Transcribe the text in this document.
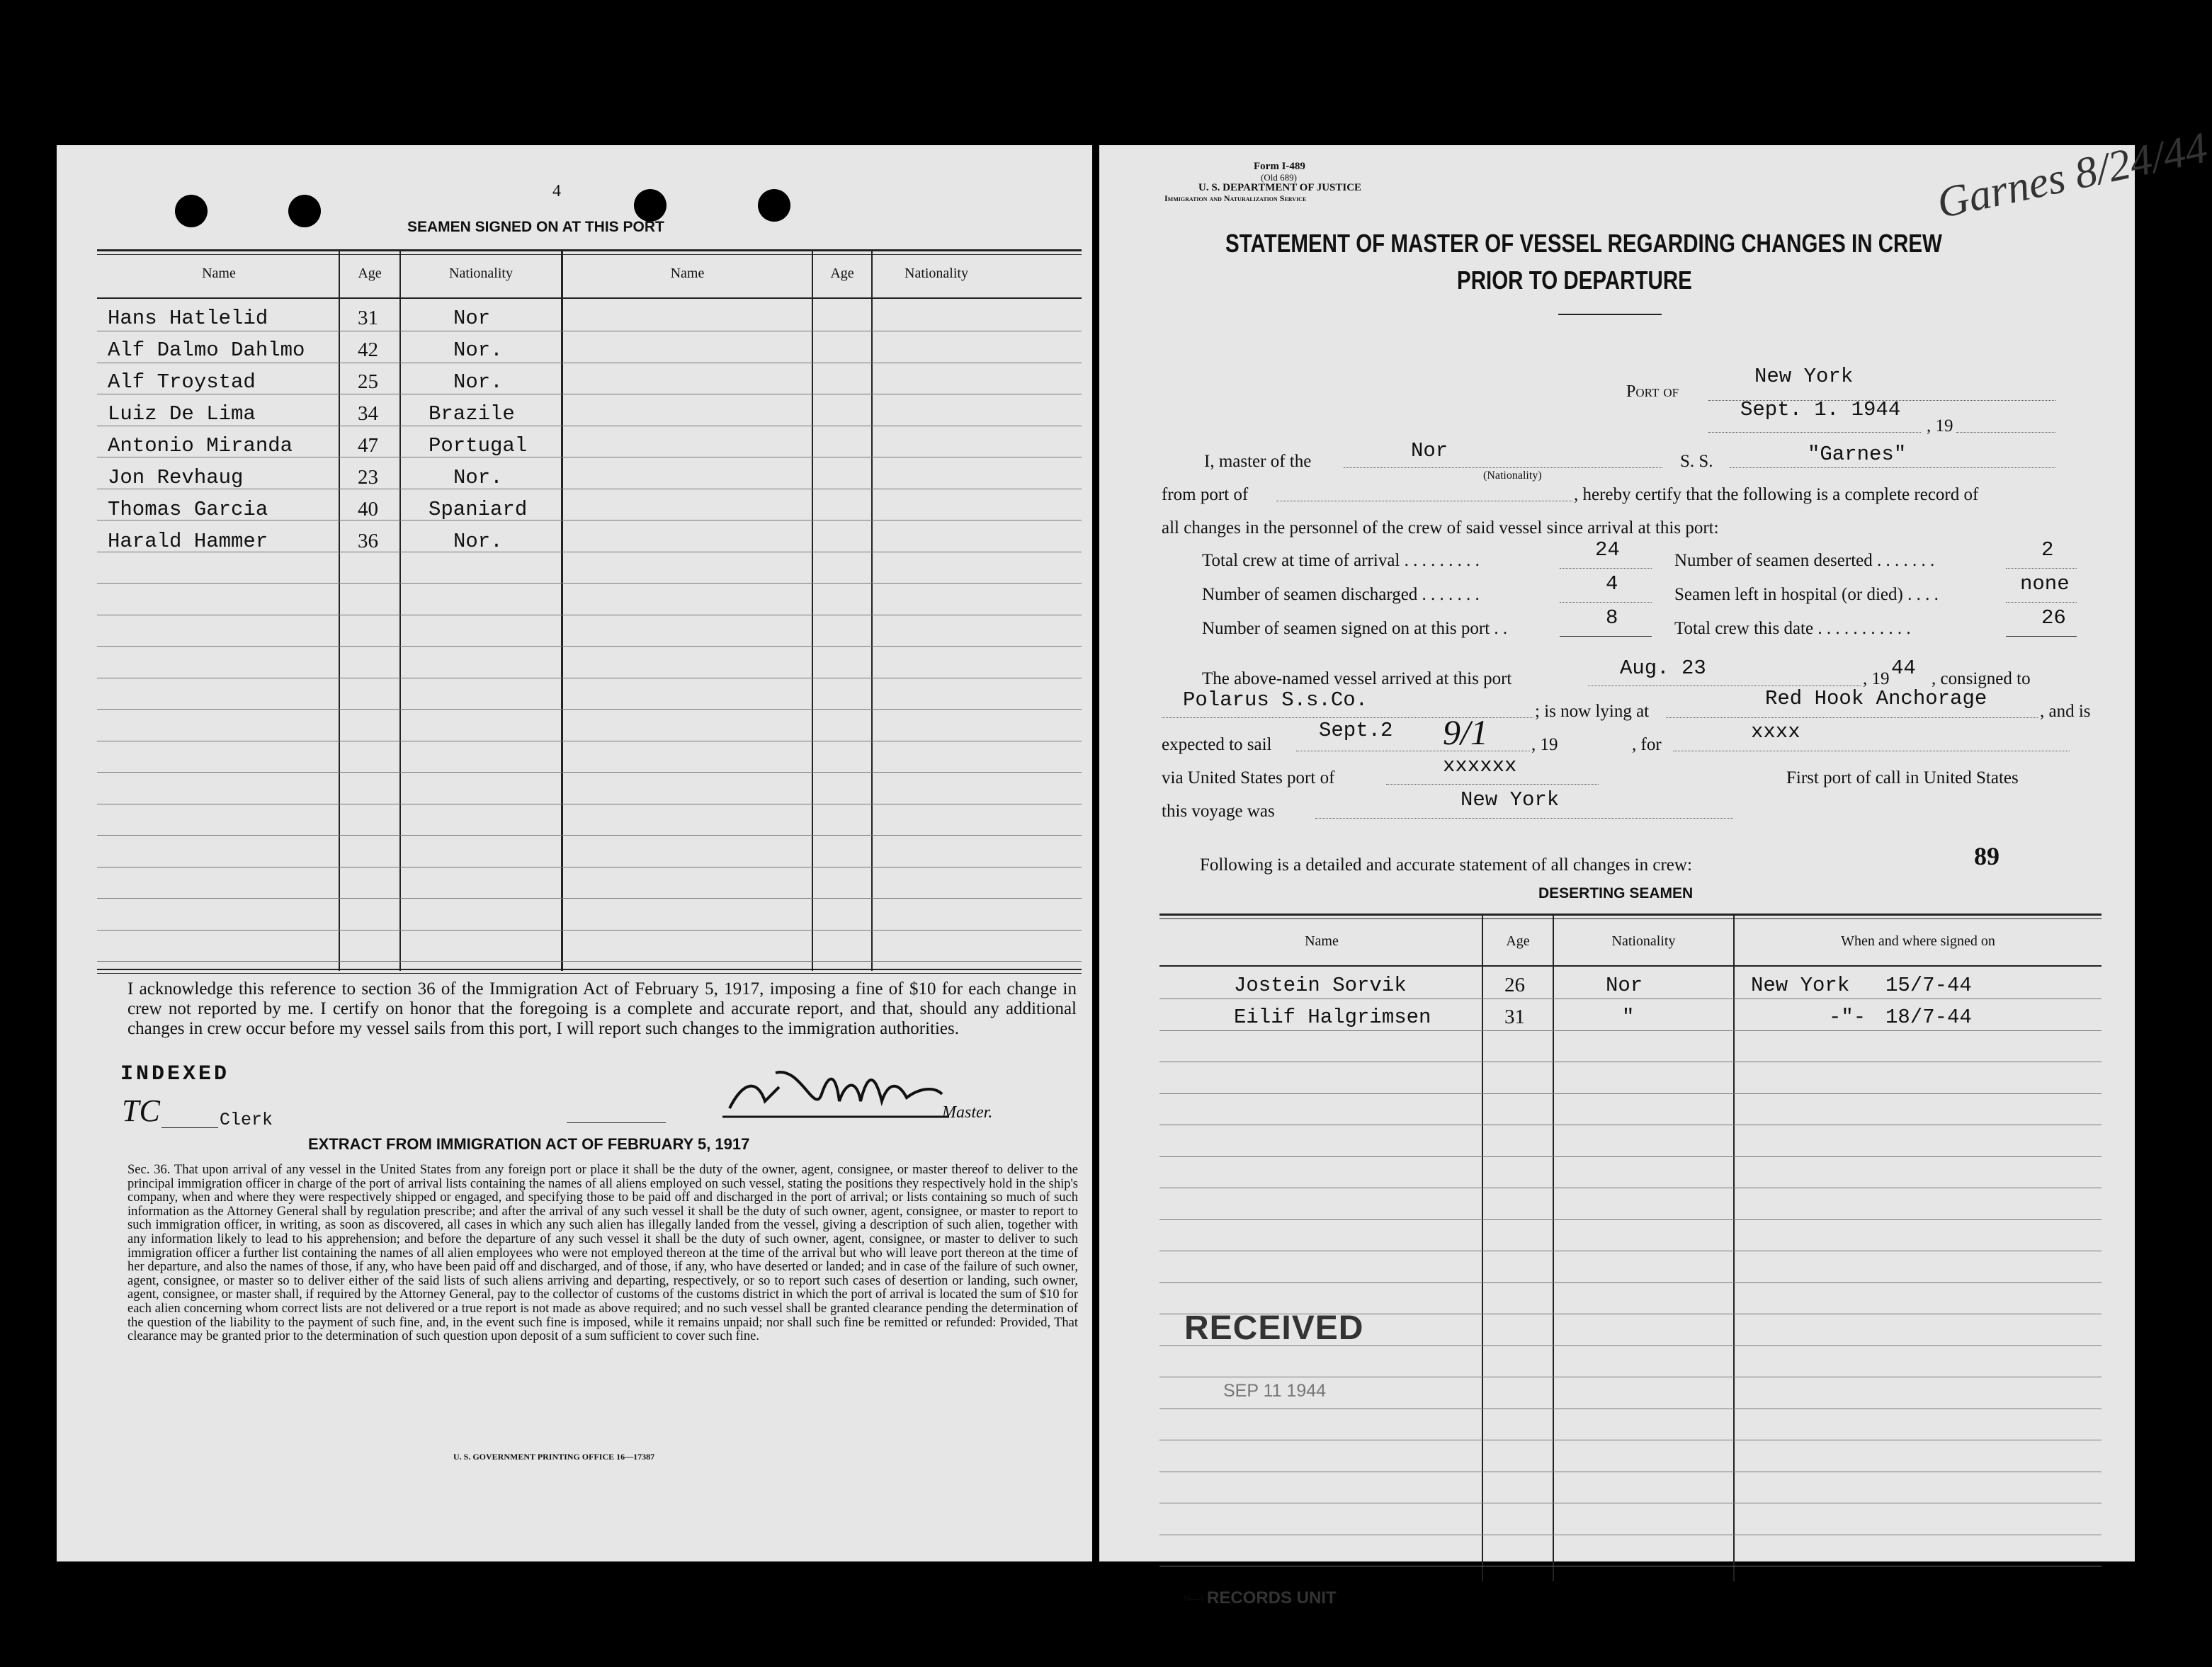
4
SEAMEN SIGNED ON AT THIS PORT
Name	Age	Nationality	Name	Age	Nationality
Hans Hatlelid	31	Nor
Alf Dalmo Dahlmo	42	Nor.
Alf Troystad	25	Nor.
Luiz De Lima	34 Brazile
Antonio Miranda	47 Portugal
Jon Revhaug	23	Nor.
Thomas Garcia	40 Spaniard
Harald Hammer	36	Nor.
I acknowledge this reference to section 36 of the Immigration Act of February 5, 1917, imposing a fine of $10 for each change in crew not reported by me. I certify on honor that the foregoing is a complete and accurate report, and that, should any additional changes in crew occur before my vessel sails from this port, I will report such changes to the immigration authorities.
INDEXED
TC	Clerk	Master.
EXTRACT FROM IMMIGRATION ACT OF FEBRUARY 5, 1917
Sec. 36. That upon arrival of any vessel in the United States from any foreign port or place it shall be the duty of the owner, agent, consignee, or master thereof to deliver to the principal immigration officer in charge of the port of arrival lists containing the names of all aliens employed on such vessel, stating the positions they respectively hold in the ship's company, when and where they were respectively shipped or engaged, and specifying those to be paid off and discharged in the port of arrival; or lists containing so much of such information as the Attorney General shall by regulation prescribe; and after the arrival of any such vessel it shall be the duty of such owner, agent, consignee, or master to report to such immigration officer, in writing, as soon as discovered, all cases in which any such alien has illegally landed from the vessel, giving a description of such alien, together with any information likely to lead to his apprehension; and before the departure of any such vessel it shall be the duty of such owner, agent, consignee, or master to deliver to such immigration officer a further list containing the names of all alien employees who were not employed thereon at the time of the arrival but who will leave port thereon at the time of her departure, and also the names of those, if any, who have been paid off and discharged, and of those, if any, who have deserted or landed; and in case of the failure of such owner, agent, consignee, or master so to deliver either of the said lists of such aliens arriving and departing, respectively, or so to report such cases of desertion or landing, such owner, agent, consignee, or master shall, if required by the Attorney General, pay to the collector of customs of the customs district in which the port of arrival is located the sum of $10 for each alien concerning whom correct lists are not delivered or a true report is not made as above required; and no such vessel shall be granted clearance pending the determination of the question of the liability to the payment of such fine, and, in the event such fine is imposed, while it remains unpaid; nor shall such fine be remitted or refunded: Provided, That clearance may be granted prior to the determination of such question upon deposit of a sum sufficient to cover such fine.
U. S. GOVERNMENT PRINTING OFFICE 16—17387
Form I-489
(Old 689)
U. S. DEPARTMENT OF JUSTICE
Immigration and Naturalization Service	Garnes 8/24/44
STATEMENT OF MASTER OF VESSEL REGARDING CHANGES IN CREW
PRIOR TO DEPARTURE
Port of
New York
Sept. 1. 1944
, 19
I, master of the	Nor
(Nationality)
S. S.	"Garnes"
from port of	, hereby certify that the following is a complete record of
all changes in the personnel of the crew of said vessel since arrival at this port:
Total crew at time of arrival . . . . . . . . .	24
Number of seamen discharged . . . . . . .	4
Number of seamen signed on at this port . .	8
Number of seamen deserted . . . . . . .	2
Seamen left in hospital (or died) . . . .	none
Total crew this date . . . . . . . . . . .	26
The above-named vessel arrived at this port	Aug. 23	, 19 44 , consigned to
Polarus S.s.Co.	; is now lying at
Red Hook Anchorage
, and is
expected to sail
Sept.2 9/1 , 19	, for
xxxx
via United States port of
xxxxxx
First port of call in United States
this voyage was	New York
Following is a detailed and accurate statement of all changes in crew:	89
DESERTING SEAMEN
Name	Age	Nationality	When and where signed on
Jostein Sorvik	26	Nor	New York 15/7-44
Eilif Halgrimsen	31	"	-"- 18/7-44
RECEIVED
SEP 11 1944
16—1 RECORDS UNIT
